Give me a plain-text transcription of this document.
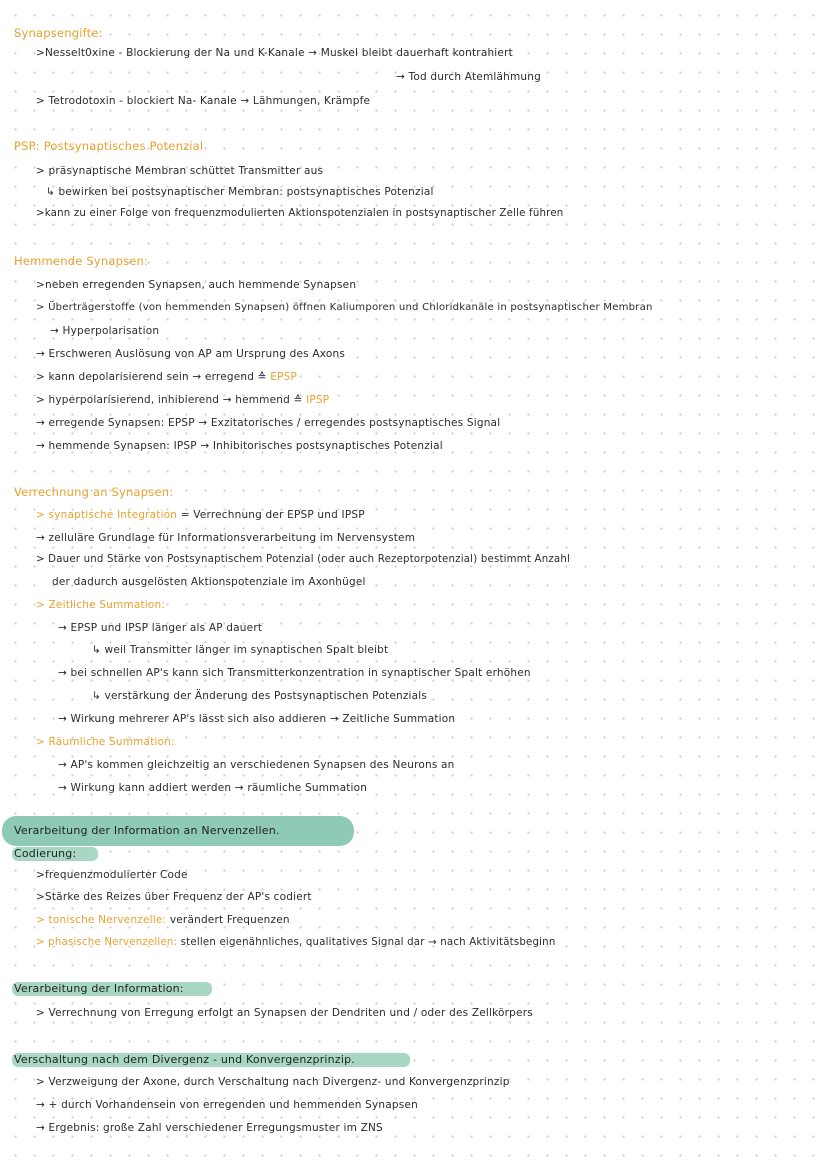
Synapsengifte:
>Nesselt0xine - Blockierung der Na und K-Kanale → Muskel bleibt dauerhaft kontrahiert
→ Tod durch Atemlähmung
> Tetrodotoxin - blockiert Na- Kanale → Lähmungen, Krämpfe
PSP: Postsynaptisches Potenzial
> präsynaptische Membran schüttet Transmitter aus
↳ bewirken bei postsynaptischer Membran: postsynaptisches Potenzial
>kann zu einer Folge von frequenzmodulierten Aktionspotenzialen in postsynaptischer Zelle führen
Hemmende Synapsen:
>neben erregenden Synapsen, auch hemmende Synapsen
> Überträgerstoffe (von hemmenden Synapsen) öffnen Kaliumporen und Chloridkanäle in postsynaptischer Membran
→ Hyperpolarisation
→ Erschweren Auslösung von AP am Ursprung des Axons
> kann depolarisierend sein → erregend ≙ EPSP
> hyperpolarisierend, inhibierend → hemmend ≙ IPSP
→ erregende Synapsen: EPSP → Exzitatorisches / erregendes postsynaptisches Signal
→ hemmende Synapsen: IPSP → Inhibitorisches postsynaptisches Potenzial
Verrechnung an Synapsen:
> synaptische Integration = Verrechnung der EPSP und IPSP
→ zelluläre Grundlage für Informationsverarbeitung im Nervensystem
> Dauer und Stärke von Postsynaptischem Potenzial (oder auch Rezeptorpotenzial) bestimmt Anzahl
der dadurch ausgelösten Aktionspotenziale im Axonhügel
> Zeitliche Summation:
→ EPSP und IPSP länger als AP dauert
↳ weil Transmitter länger im synaptischen Spalt bleibt
→ bei schnellen AP's kann sich Transmitterkonzentration in synaptischer Spalt erhöhen
↳ verstärkung der Änderung des Postsynaptischen Potenzials
→ Wirkung mehrerer AP's lässt sich also addieren → Zeitliche Summation
> Räumliche Summation:
→ AP's kommen gleichzeitig an verschiedenen Synapsen des Neurons an
→ Wirkung kann addiert werden → räumliche Summation
Verarbeitung der Information an Nervenzellen.
Codierung:
>frequenzmodulierter Code
>Stärke des Reizes über Frequenz der AP's codiert
> tonische Nervenzelle: verändert Frequenzen
> phasische Nervenzellen: stellen eigenähnliches, qualitatives Signal dar → nach Aktivitätsbeginn
Verarbeitung der Information:
> Verrechnung von Erregung erfolgt an Synapsen der Dendriten und / oder des Zellkörpers
Verschaltung nach dem Divergenz - und Konvergenzprinzip.
> Verzweigung der Axone, durch Verschaltung nach Divergenz- und Konvergenzprinzip
→ + durch Vorhandensein von erregenden und hemmenden Synapsen
→ Ergebnis: große Zahl verschiedener Erregungsmuster im ZNS
